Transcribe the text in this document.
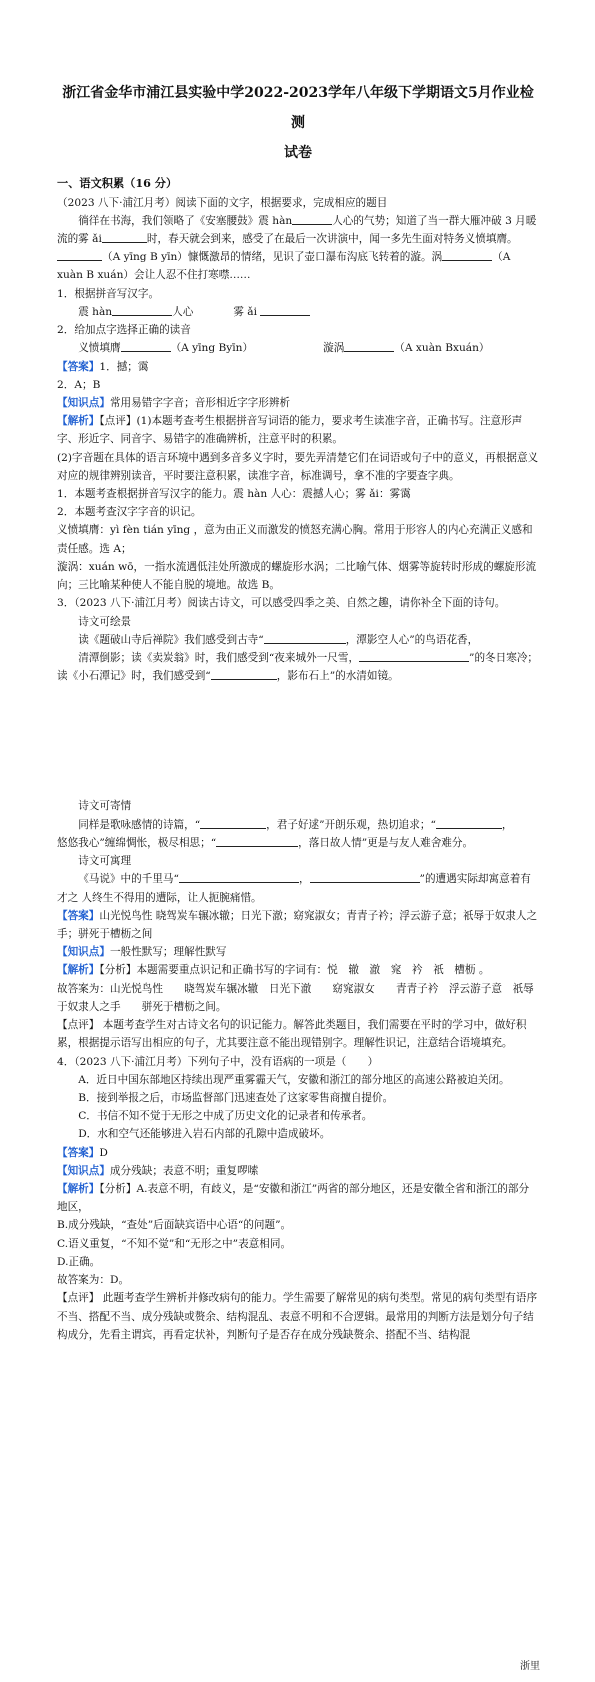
浙江省金华市浦江县实验中学2022-2023学年八年级下学期语文5月作业检测

试卷

一、语文积累（16 分）

（2023 八下·浦江月考）阅读下面的文字，根据要求，完成相应的题目

徜徉在书海，我们领略了《安塞腰鼓》震 hàn	人心的气势；知道了当一群大雁冲破 3 月暖流的雾 ǎi	时，春天就会到来，感受了在最后一次讲演中，闻一多先生面对特务义愤填膺。（A yīng B yīn）慷慨激昂的情绪，见识了壶口瀑布沟底飞转着的漩。涡	（A xuàn B xuán）会让人忍不住打寒噤……

1．根据拼音写汉字。

震 hàn	人心	雾 ǎi

2．给加点字选择正确的读音

义愤填膺	（A yīng Byīn）	漩涡	（A xuàn Bxuán）

【答案】1．撼；霭

2．A；B

【知识点】常用易错字字音；音形相近字字形辨析

【解析】【点评】(1)本题考查考生根据拼音写词语的能力，要求考生读准字音，正确书写。注意形声字、形近字、同音字、易错字的准确辨析，注意平时的积累。

(2)字音题在具体的语言环境中遇到多音多义字时，要先弄清楚它们在词语或句子中的意义，再根据意义对应的规律辨别读音，平时要注意积累，读准字音，标准调号，拿不准的字要查字典。

1．本题考查根据拼音写汉字的能力。震 hàn 人心：震撼人心；雾 ǎi：雾霭

2．本题考查汉字字音的识记。

义愤填膺：yì fèn tián yīng ，意为由正义而激发的愤怒充满心胸。常用于形容人的内心充满正义感和责任感。选 A；

漩涡：xuán wō，一指水流遇低洼处所激成的螺旋形水涡；二比喻气体、烟雾等旋转时形成的螺旋形流向；三比喻某种使人不能自脱的境地。故选 B。

3．（2023 八下·浦江月考）阅读古诗文，可以感受四季之美、自然之趣，请你补全下面的诗句。

诗文可绘景

读《题破山寺后禅院》我们感受到古寺“	，潭影空人心”的鸟语花香，

清潭倒影；读《卖炭翁》时，我们感受到“夜来城外一尺雪，	”的冬日寒冷；

读《小石潭记》时，我们感受到“	，影布石上”的水清如镜。

诗文可寄情

同样是歌咏感情的诗篇，“	，君子好逑”开朗乐观，热切追求；“	，

悠悠我心”缠绵惆怅，极尽相思；“	，落日故人情”更是与友人难舍难分。

诗文可寓理

《马说》中的千里马“	，	”的遭遇实际却寓意着有才之 人终生不得用的遭际，让人扼腕痛惜。

【答案】山光悦鸟性 晓驾炭车辗冰辙；日光下澈；窈窕淑女；青青子衿；浮云游子意；祇辱于奴隶人之手；骈死于槽枥之间

【知识点】一般性默写；理解性默写

【解析】【分析】本题需要重点识记和正确书写的字词有：悦　辙　澈　窕　衿　祇　槽枥 。

故答案为：山光悦鸟性　　晓驾炭车辗冰辙　日光下澈　　窈窕淑女　　青青子衿　浮云游子意　祇辱于奴隶人之手　　骈死于槽枥之间。

【点评】 本题考查学生对古诗文名句的识记能力。解答此类题目，我们需要在平时的学习中，做好积累，根据提示语写出相应的句子，尤其要注意不能出现错别字。理解性识记，注意结合语境填充。

4．（2023 八下·浦江月考）下列句子中，没有语病的一项是（　　）

A．近日中国东部地区持续出现严重雾霾天气，安徽和浙江的部分地区的高速公路被迫关闭。

B．接到举报之后，市场监督部门迅速查处了这家零售商擅自提价。

C．书信不知不觉于无形之中成了历史文化的记录者和传承者。

D．水和空气还能够进入岩石内部的孔隙中造成破坏。

【答案】D

【知识点】成分残缺；表意不明；重复啰嗦

【解析】【分析】A.表意不明，有歧义，是“安徽和浙江”两省的部分地区，还是安徽全省和浙江的部分地区，

B.成分残缺，“查处”后面缺宾语中心语“的问题”。

C.语义重复，“不知不觉”和“无形之中”表意相同。

D.正确。

故答案为：D。

【点评】 此题考查学生辨析并修改病句的能力。学生需要了解常见的病句类型。常见的病句类型有语序不当、搭配不当、成分残缺或赘余、结构混乱、表意不明和不合逻辑。最常用的判断方法是划分句子结构成分，先看主谓宾，再看定状补，判断句子是否存在成分残缺赘余、搭配不当、结构混

浙里
